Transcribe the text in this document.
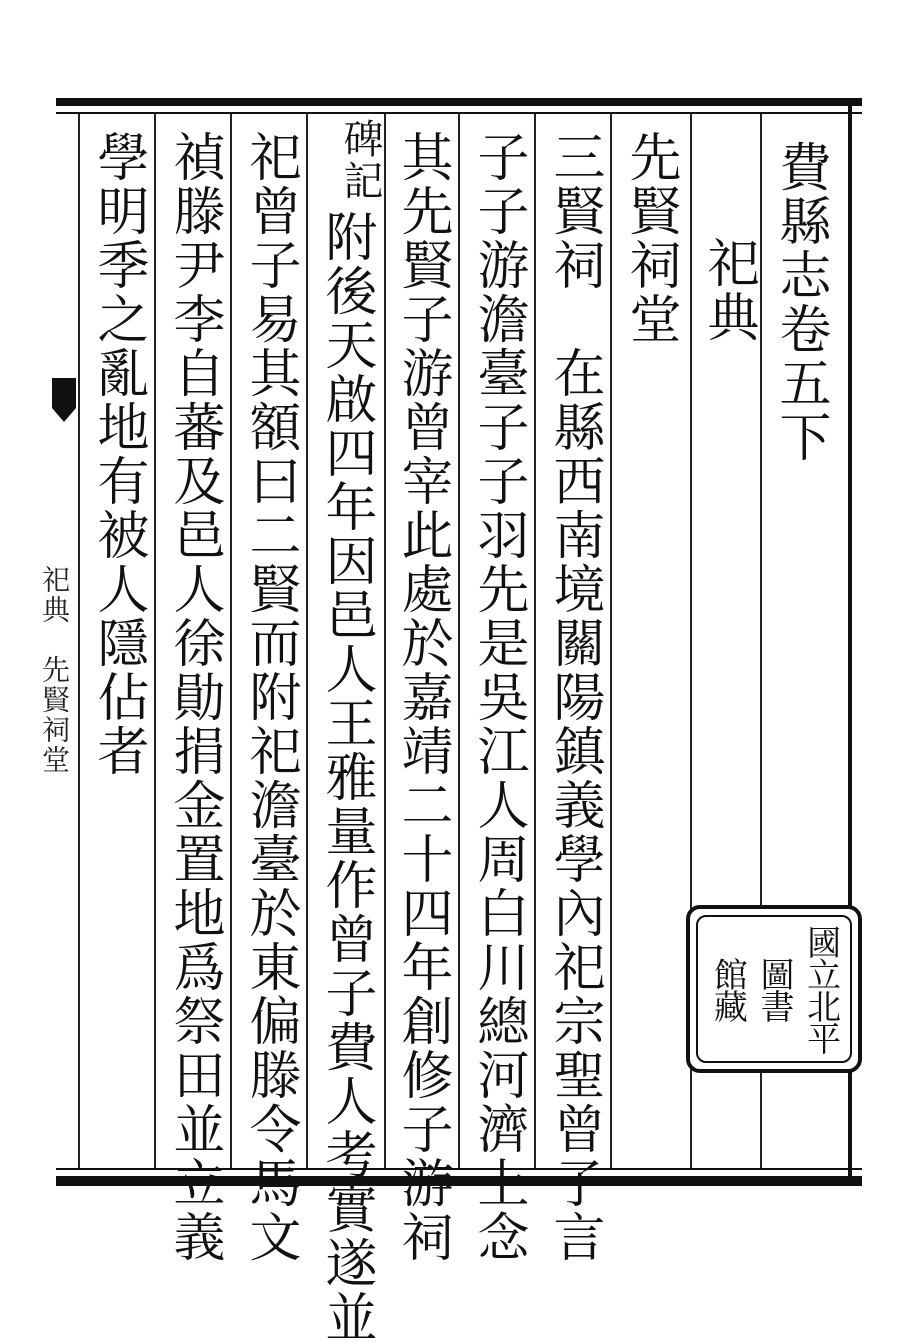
費縣志卷五下
祀典
先賢祠堂
三賢祠　在縣西南境關陽鎮義學內祀宗聖曾子言
子子游澹臺子子羽先是吳江人周白川總河濟上念
其先賢子游曾宰此處於嘉靖二十四年創修子游祠
碑記
附後天啟四年因邑人王雅量作曾子費人考實遂並
祀曾子易其額曰二賢而附祀澹臺於東偏滕令馬文
禎滕尹李自蕃及邑人徐勛捐金置地爲祭田並立義
學明季之亂地有被人隱佔者
祀典　先賢祠堂
國立北平
圖書
館藏
